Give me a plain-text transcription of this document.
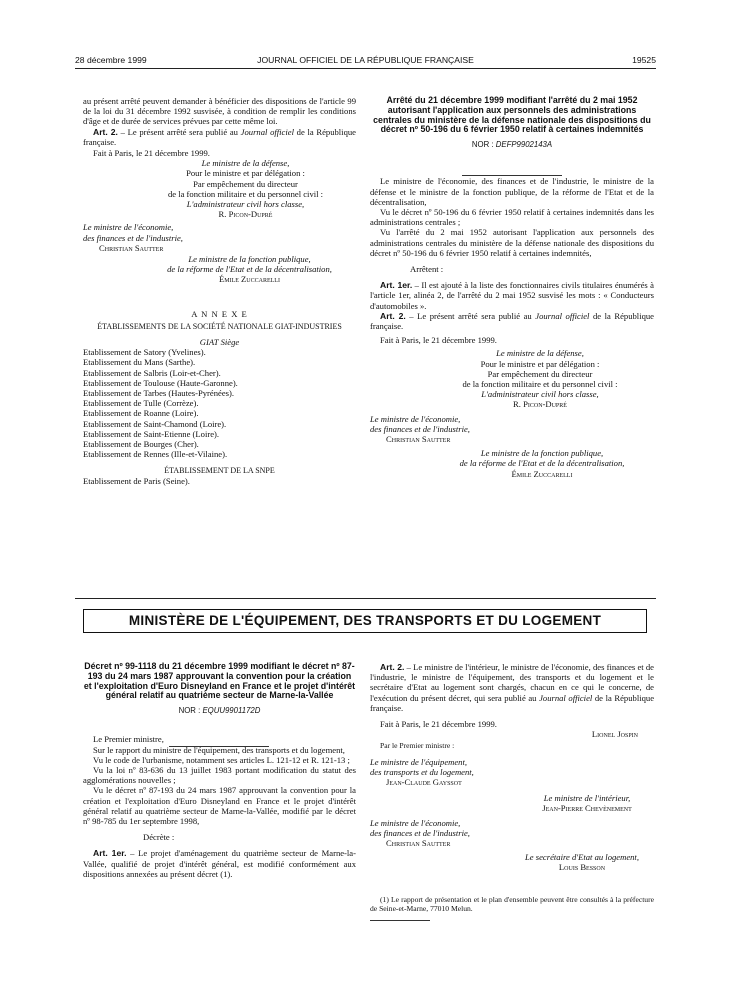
28 décembre 1999	JOURNAL OFFICIEL DE LA RÉPUBLIQUE FRANÇAISE	19525

au présent arrêté peuvent demander à bénéficier des dispositions de l'article 99 de la loi du 31 décembre 1992 susvisée, à condition de remplir les conditions d'âge et de durée de services prévues par cette même loi.

Art. 2. – Le présent arrêté sera publié au Journal officiel de la République française.

Fait à Paris, le 21 décembre 1999.

Le ministre de la défense,

Pour le ministre et par délégation :

Par empêchement du directeur

de la fonction militaire et du personnel civil :

L'administrateur civil hors classe,

R. Picon-Dupré

Le ministre de l'économie,

des finances et de l'industrie,

Christian Sautter

Le ministre de la fonction publique,

de la réforme de l'Etat et de la décentralisation,

Émile Zuccarelli

A N N E X E

ÉTABLISSEMENTS DE LA SOCIÉTÉ NATIONALE GIAT-INDUSTRIES

GIAT Siège

Etablissement de Satory (Yvelines).
Etablissement du Mans (Sarthe).
Etablissement de Salbris (Loir-et-Cher).
Etablissement de Toulouse (Haute-Garonne).
Etablissement de Tarbes (Hautes-Pyrénées).
Etablissement de Tulle (Corrèze).
Etablissement de Roanne (Loire).
Etablissement de Saint-Chamond (Loire).
Etablissement de Saint-Etienne (Loire).
Etablissement de Bourges (Cher).
Etablissement de Rennes (Ille-et-Vilaine).

ÉTABLISSEMENT DE LA SNPE

Etablissement de Paris (Seine).

Arrêté du 21 décembre 1999 modifiant l'arrêté du 2 mai 1952 autorisant l'application aux personnels des administrations centrales du ministère de la défense nationale des dispositions du décret nº 50-196 du 6 février 1950 relatif à certaines indemnités

NOR : DEFP9902143A

Le ministre de l'économie, des finances et de l'industrie, le ministre de la défense et le ministre de la fonction publique, de la réforme de l'Etat et de la décentralisation,

Vu le décret nº 50-196 du 6 février 1950 relatif à certaines indemnités dans les administrations centrales ;

Vu l'arrêté du 2 mai 1952 autorisant l'application aux personnels des administrations centrales du ministère de la défense nationale des dispositions du décret nº 50-196 du 6 février 1950 relatif à certaines indemnités,

Arrêtent :

Art. 1er. – Il est ajouté à la liste des fonctionnaires civils titulaires énumérés à l'article 1er, alinéa 2, de l'arrêté du 2 mai 1952 susvisé les mots : « Conducteurs d'automobiles ».

Art. 2. – Le présent arrêté sera publié au Journal officiel de la République française.

Fait à Paris, le 21 décembre 1999.

Le ministre de la défense,

Pour le ministre et par délégation :

Par empêchement du directeur

de la fonction militaire et du personnel civil :

L'administrateur civil hors classe,

R. Picon-Dupré

Le ministre de l'économie,

des finances et de l'industrie,

Christian Sautter

Le ministre de la fonction publique,

de la réforme de l'Etat et de la décentralisation,

Émile Zuccarelli

MINISTÈRE DE L'ÉQUIPEMENT, DES TRANSPORTS ET DU LOGEMENT

Décret nº 99-1118 du 21 décembre 1999 modifiant le décret nº 87-193 du 24 mars 1987 approuvant la convention pour la création et l'exploitation d'Euro Disneyland en France et le projet d'intérêt général relatif au quatrième secteur de Marne-la-Vallée

NOR : EQUU9901172D

Le Premier ministre,

Sur le rapport du ministre de l'équipement, des transports et du logement,

Vu le code de l'urbanisme, notamment ses articles L. 121-12 et R. 121-13 ;

Vu la loi nº 83-636 du 13 juillet 1983 portant modification du statut des agglomérations nouvelles ;

Vu le décret nº 87-193 du 24 mars 1987 approuvant la convention pour la création et l'exploitation d'Euro Disneyland en France et le projet d'intérêt général relatif au quatrième secteur de Marne-la-Vallée, modifié par le décret nº 98-785 du 1er septembre 1998,

Décrète :

Art. 1er. – Le projet d'aménagement du quatrième secteur de Marne-la-Vallée, qualifié de projet d'intérêt général, est modifié conformément aux dispositions annexées au présent décret (1).

Art. 2. – Le ministre de l'intérieur, le ministre de l'économie, des finances et de l'industrie, le ministre de l'équipement, des transports et du logement et le secrétaire d'Etat au logement sont chargés, chacun en ce qui le concerne, de l'exécution du présent décret, qui sera publié au Journal officiel de la République française.

Fait à Paris, le 21 décembre 1999.

Lionel Jospin

Par le Premier ministre :

Le ministre de l'équipement,

des transports et du logement,

Jean-Claude Gayssot

Le ministre de l'intérieur,

Jean-Pierre Chevènement

Le ministre de l'économie,

des finances et de l'industrie,

Christian Sautter

Le secrétaire d'Etat au logement,

Louis Besson

(1) Le rapport de présentation et le plan d'ensemble peuvent être consultés à la préfecture de Seine-et-Marne, 77010 Melun.
